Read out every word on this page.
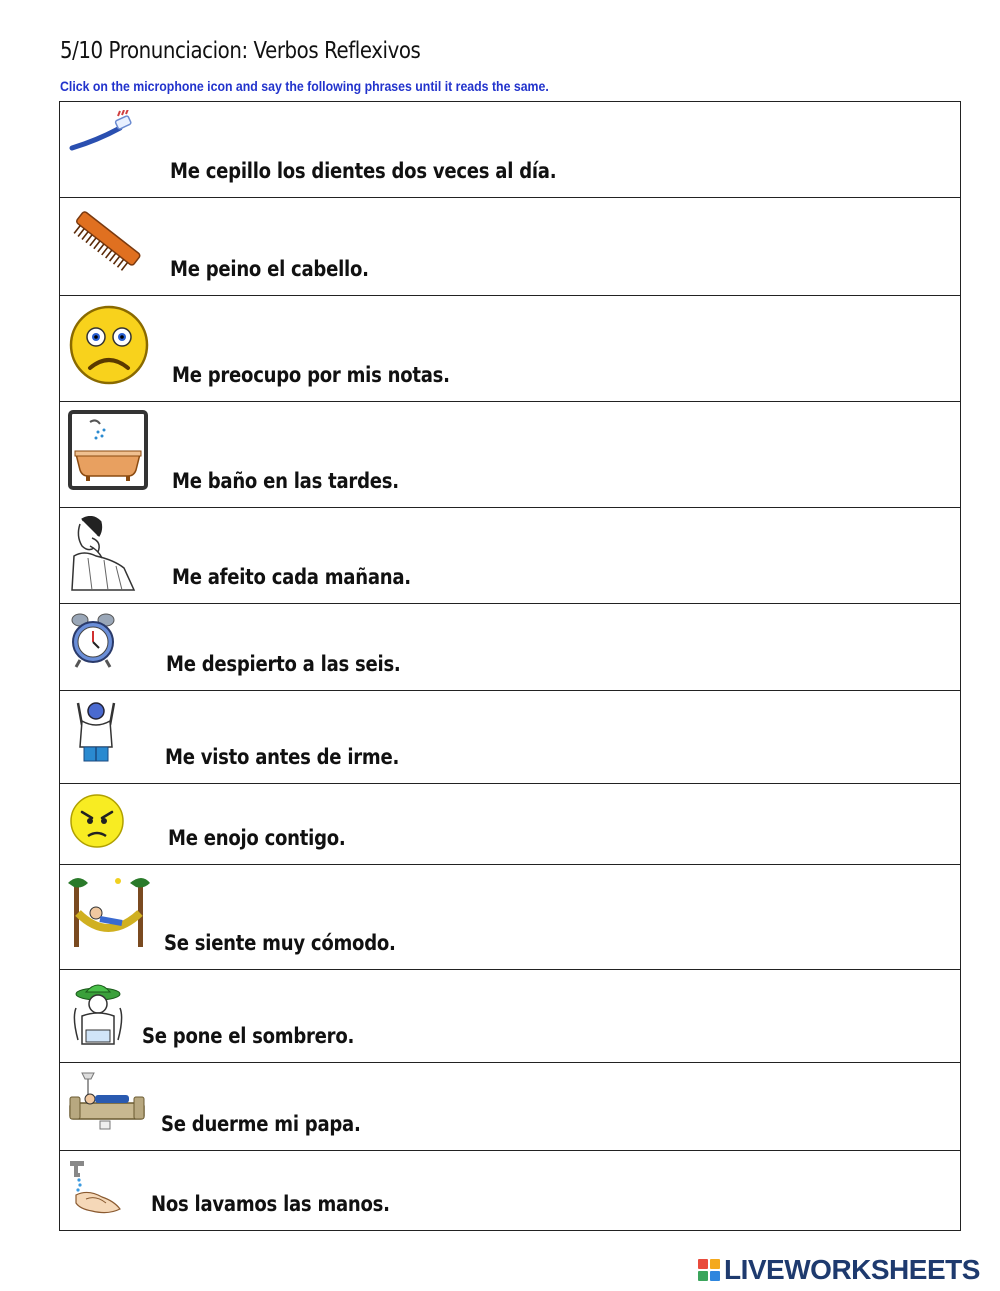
5/10 Pronunciacion: Verbos Reflexivos
Click on the microphone icon and say the following phrases until it reads the same.
Me cepillo los dientes dos veces al día.
Me peino el cabello.
Me preocupo por mis notas.
Me baño en las tardes.
Me afeito cada mañana.
Me despierto a las seis.
Me visto antes de irme.
Me enojo contigo.
Se siente muy cómodo.
Se pone el sombrero.
Se duerme mi papa.
Nos lavamos las manos.
LIVEWORKSHEETS
